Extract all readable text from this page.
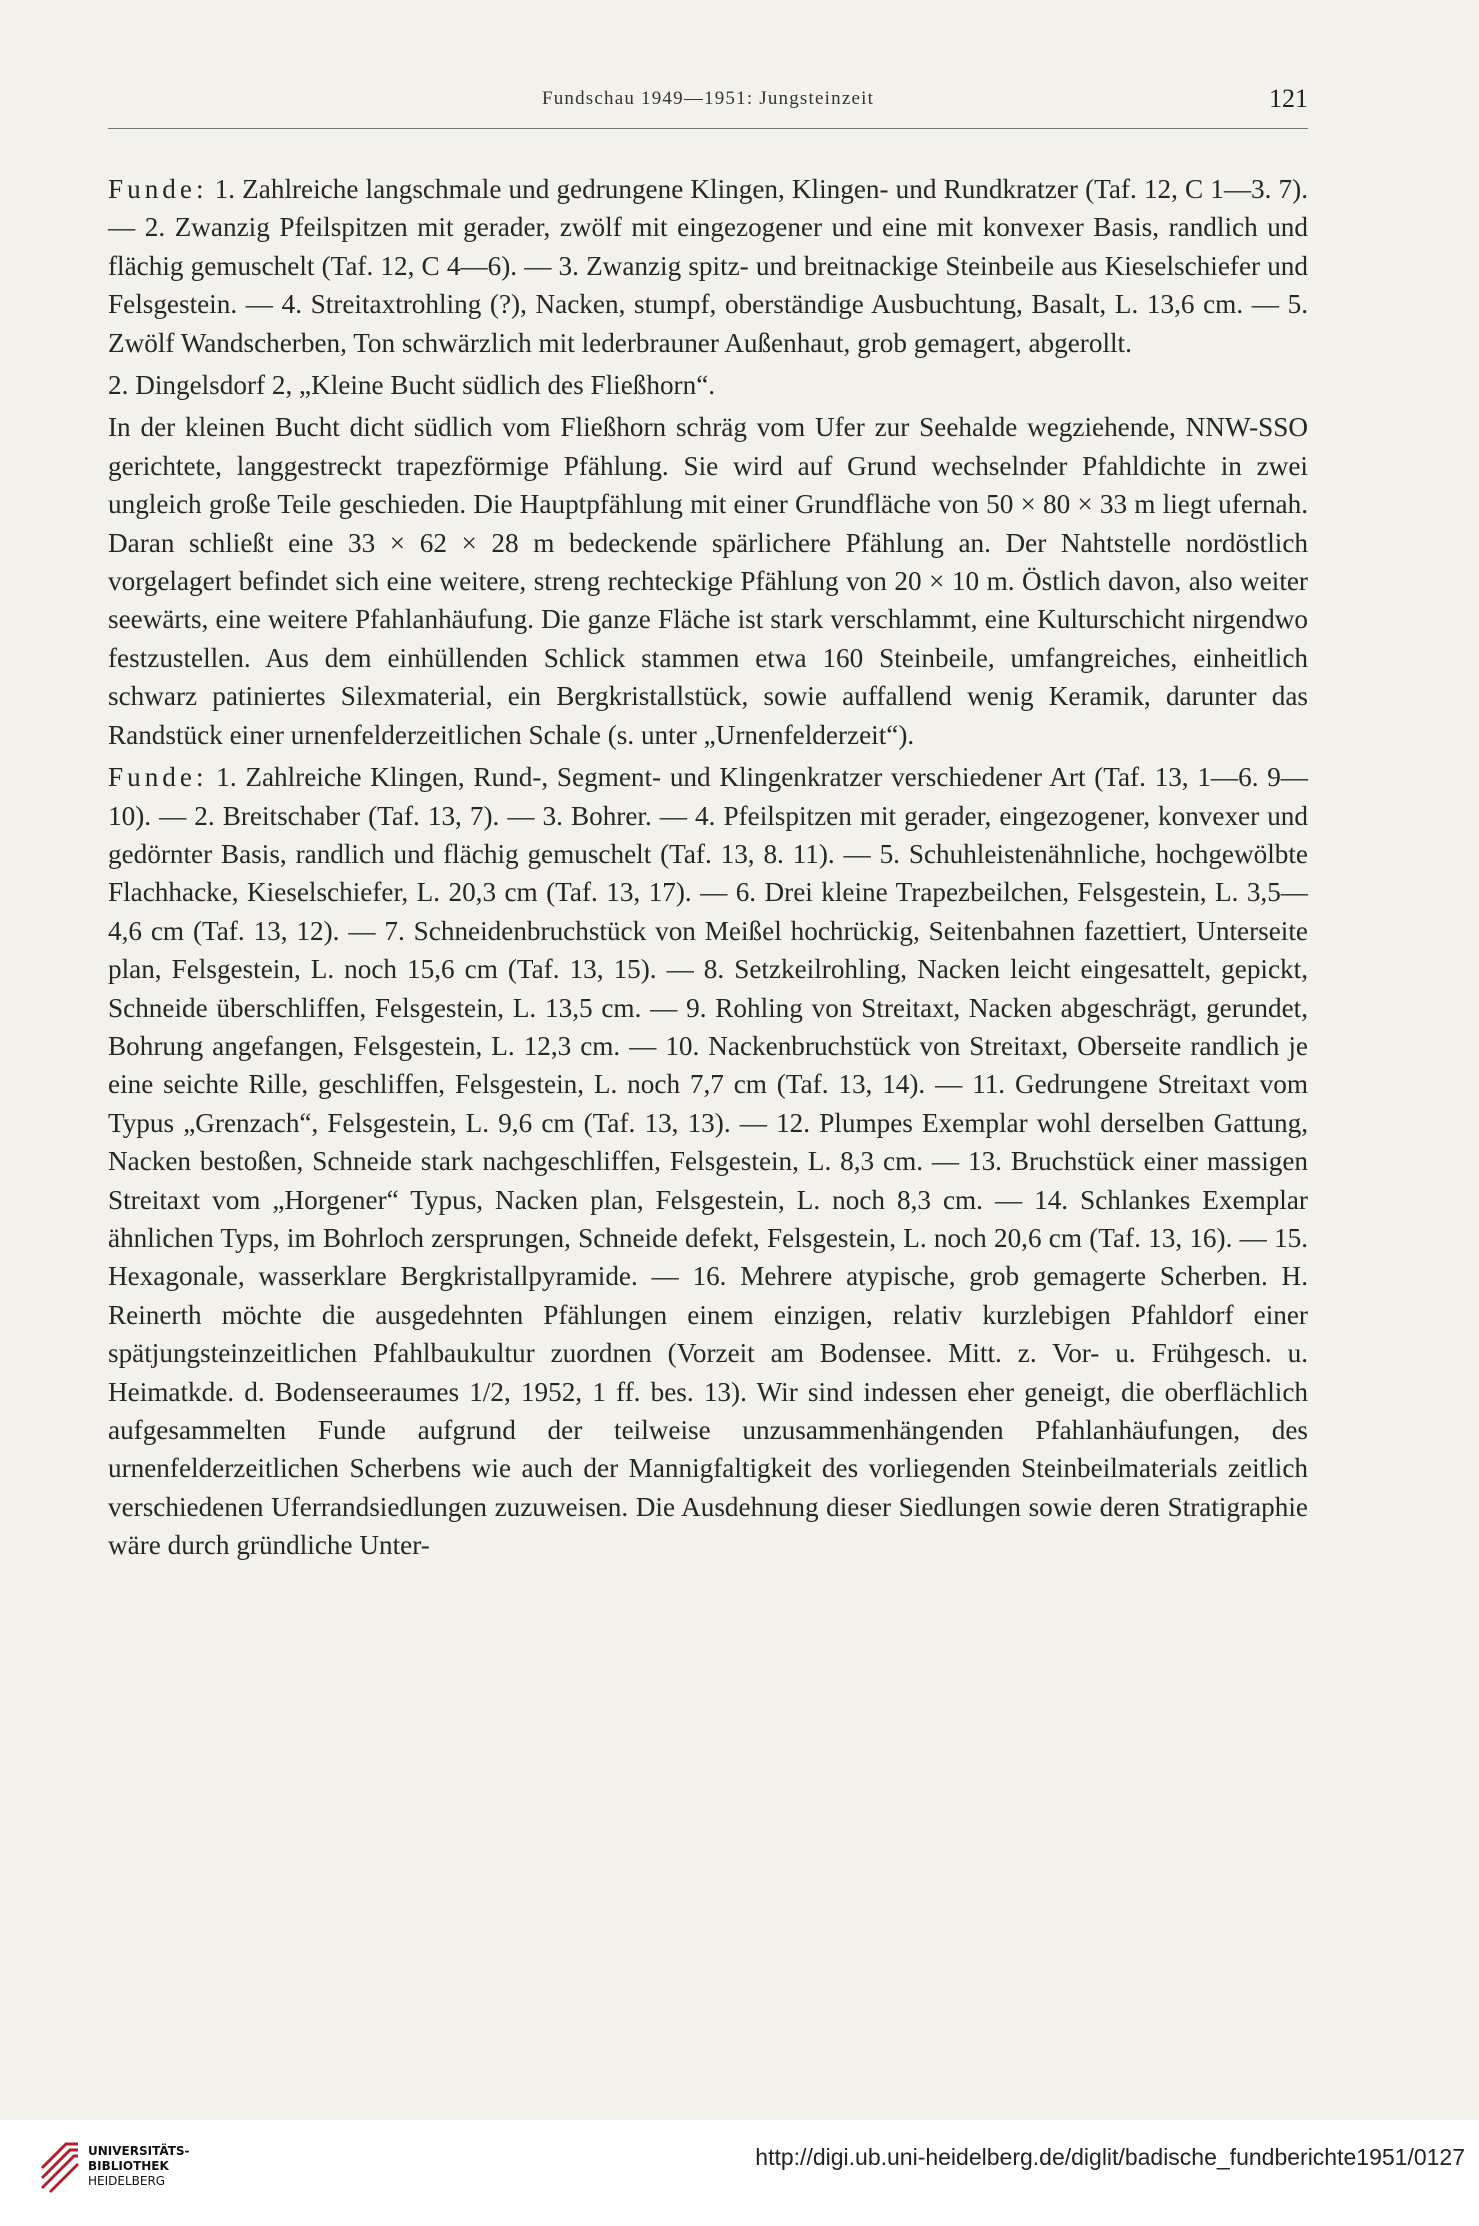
Fundschau 1949—1951: Jungsteinzeit	121

Funde: 1. Zahlreiche langschmale und gedrungene Klingen, Klingen- und Rundkratzer (Taf. 12, C 1—3. 7). — 2. Zwanzig Pfeilspitzen mit gerader, zwölf mit eingezogener und eine mit konvexer Basis, randlich und flächig gemuschelt (Taf. 12, C 4—6). — 3. Zwanzig spitz- und breitnackige Steinbeile aus Kieselschiefer und Felsgestein. — 4. Streitaxtrohling (?), Nacken, stumpf, oberständige Ausbuchtung, Basalt, L. 13,6 cm. — 5. Zwölf Wandscherben, Ton schwärzlich mit lederbrauner Außenhaut, grob gemagert, abgerollt.

2. Dingelsdorf 2, „Kleine Bucht südlich des Fließhorn“.

In der kleinen Bucht dicht südlich vom Fließhorn schräg vom Ufer zur Seehalde wegziehende, NNW-SSO gerichtete, langgestreckt trapezförmige Pfählung. Sie wird auf Grund wechselnder Pfahldichte in zwei ungleich große Teile geschieden. Die Hauptpfählung mit einer Grundfläche von 50 × 80 × 33 m liegt ufernah. Daran schließt eine 33 × 62 × 28 m bedeckende spärlichere Pfählung an. Der Nahtstelle nordöstlich vorgelagert befindet sich eine weitere, streng rechteckige Pfählung von 20 × 10 m. Östlich davon, also weiter seewärts, eine weitere Pfahlanhäufung. Die ganze Fläche ist stark verschlammt, eine Kulturschicht nirgendwo festzustellen. Aus dem einhüllenden Schlick stammen etwa 160 Steinbeile, umfangreiches, einheitlich schwarz patiniertes Silexmaterial, ein Bergkristallstück, sowie auffallend wenig Keramik, darunter das Randstück einer urnenfelderzeitlichen Schale (s. unter „Urnenfelderzeit“).

Funde: 1. Zahlreiche Klingen, Rund-, Segment- und Klingenkratzer verschiedener Art (Taf. 13, 1—6. 9—10). — 2. Breitschaber (Taf. 13, 7). — 3. Bohrer. — 4. Pfeilspitzen mit gerader, eingezogener, konvexer und gedörnter Basis, randlich und flächig gemuschelt (Taf. 13, 8. 11). — 5. Schuhleistenähnliche, hochgewölbte Flachhacke, Kieselschiefer, L. 20,3 cm (Taf. 13, 17). — 6. Drei kleine Trapezbeilchen, Felsgestein, L. 3,5—4,6 cm (Taf. 13, 12). — 7. Schneidenbruchstück von Meißel hochrückig, Seitenbahnen fazettiert, Unterseite plan, Felsgestein, L. noch 15,6 cm (Taf. 13, 15). — 8. Setzkeilrohling, Nacken leicht eingesattelt, gepickt, Schneide überschliffen, Felsgestein, L. 13,5 cm. — 9. Rohling von Streitaxt, Nacken abgeschrägt, gerundet, Bohrung angefangen, Felsgestein, L. 12,3 cm. — 10. Nackenbruchstück von Streitaxt, Oberseite randlich je eine seichte Rille, geschliffen, Felsgestein, L. noch 7,7 cm (Taf. 13, 14). — 11. Gedrungene Streitaxt vom Typus „Grenzach“, Felsgestein, L. 9,6 cm (Taf. 13, 13). — 12. Plumpes Exemplar wohl derselben Gattung, Nacken bestoßen, Schneide stark nachgeschliffen, Felsgestein, L. 8,3 cm. — 13. Bruchstück einer massigen Streitaxt vom „Horgener“ Typus, Nacken plan, Felsgestein, L. noch 8,3 cm. — 14. Schlankes Exemplar ähnlichen Typs, im Bohrloch zersprungen, Schneide defekt, Felsgestein, L. noch 20,6 cm (Taf. 13, 16). — 15. Hexagonale, wasserklare Bergkristallpyramide. — 16. Mehrere atypische, grob gemagerte Scherben. H. Reinerth möchte die ausgedehnten Pfählungen einem einzigen, relativ kurzlebigen Pfahldorf einer spätjungsteinzeitlichen Pfahlbaukultur zuordnen (Vorzeit am Bodensee. Mitt. z. Vor- u. Frühgesch. u. Heimatkde. d. Bodenseeraumes 1/2, 1952, 1 ff. bes. 13). Wir sind indessen eher geneigt, die oberflächlich aufgesammelten Funde aufgrund der teilweise unzusammenhängenden Pfahlanhäufungen, des urnenfelderzeitlichen Scherbens wie auch der Mannigfaltigkeit des vorliegenden Steinbeilmaterials zeitlich verschiedenen Uferrandsiedlungen zuzuweisen. Die Ausdehnung dieser Siedlungen sowie deren Stratigraphie wäre durch gründliche Unter-

UNIVERSITÄTS-
BIBLIOTHEK
HEIDELBERG
http://digi.ub.uni-heidelberg.de/diglit/badische_fundberichte1951/0127
